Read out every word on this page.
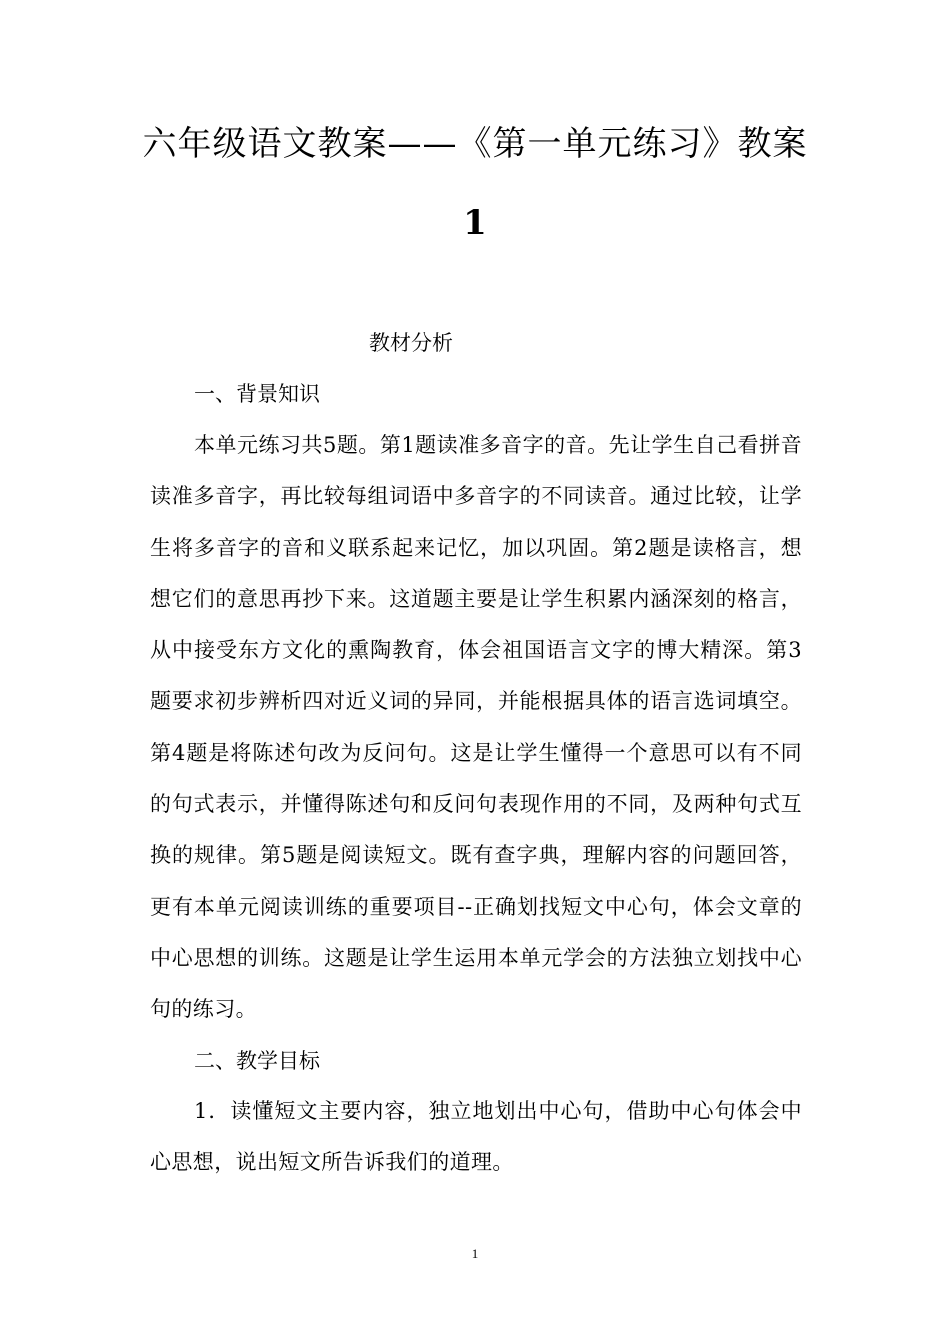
六年级语文教案——《第一单元练习》教案
1
教材分析
一、背景知识
本单元练习共5题。第1题读准多音字的音。先让学生自己看拼音读准多音字，再比较每组词语中多音字的不同读音。通过比较，让学生将多音字的音和义联系起来记忆，加以巩固。第2题是读格言，想想它们的意思再抄下来。这道题主要是让学生积累内涵深刻的格言，从中接受东方文化的熏陶教育，体会祖国语言文字的博大精深。第3题要求初步辨析四对近义词的异同，并能根据具体的语言选词填空。第4题是将陈述句改为反问句。这是让学生懂得一个意思可以有不同的句式表示，并懂得陈述句和反问句表现作用的不同，及两种句式互换的规律。第5题是阅读短文。既有查字典，理解内容的问题回答，更有本单元阅读训练的重要项目--正确划找短文中心句，体会文章的中心思想的训练。这题是让学生运用本单元学会的方法独立划找中心句的练习。
二、教学目标
1．读懂短文主要内容，独立地划出中心句，借助中心句体会中心思想，说出短文所告诉我们的道理。
1
